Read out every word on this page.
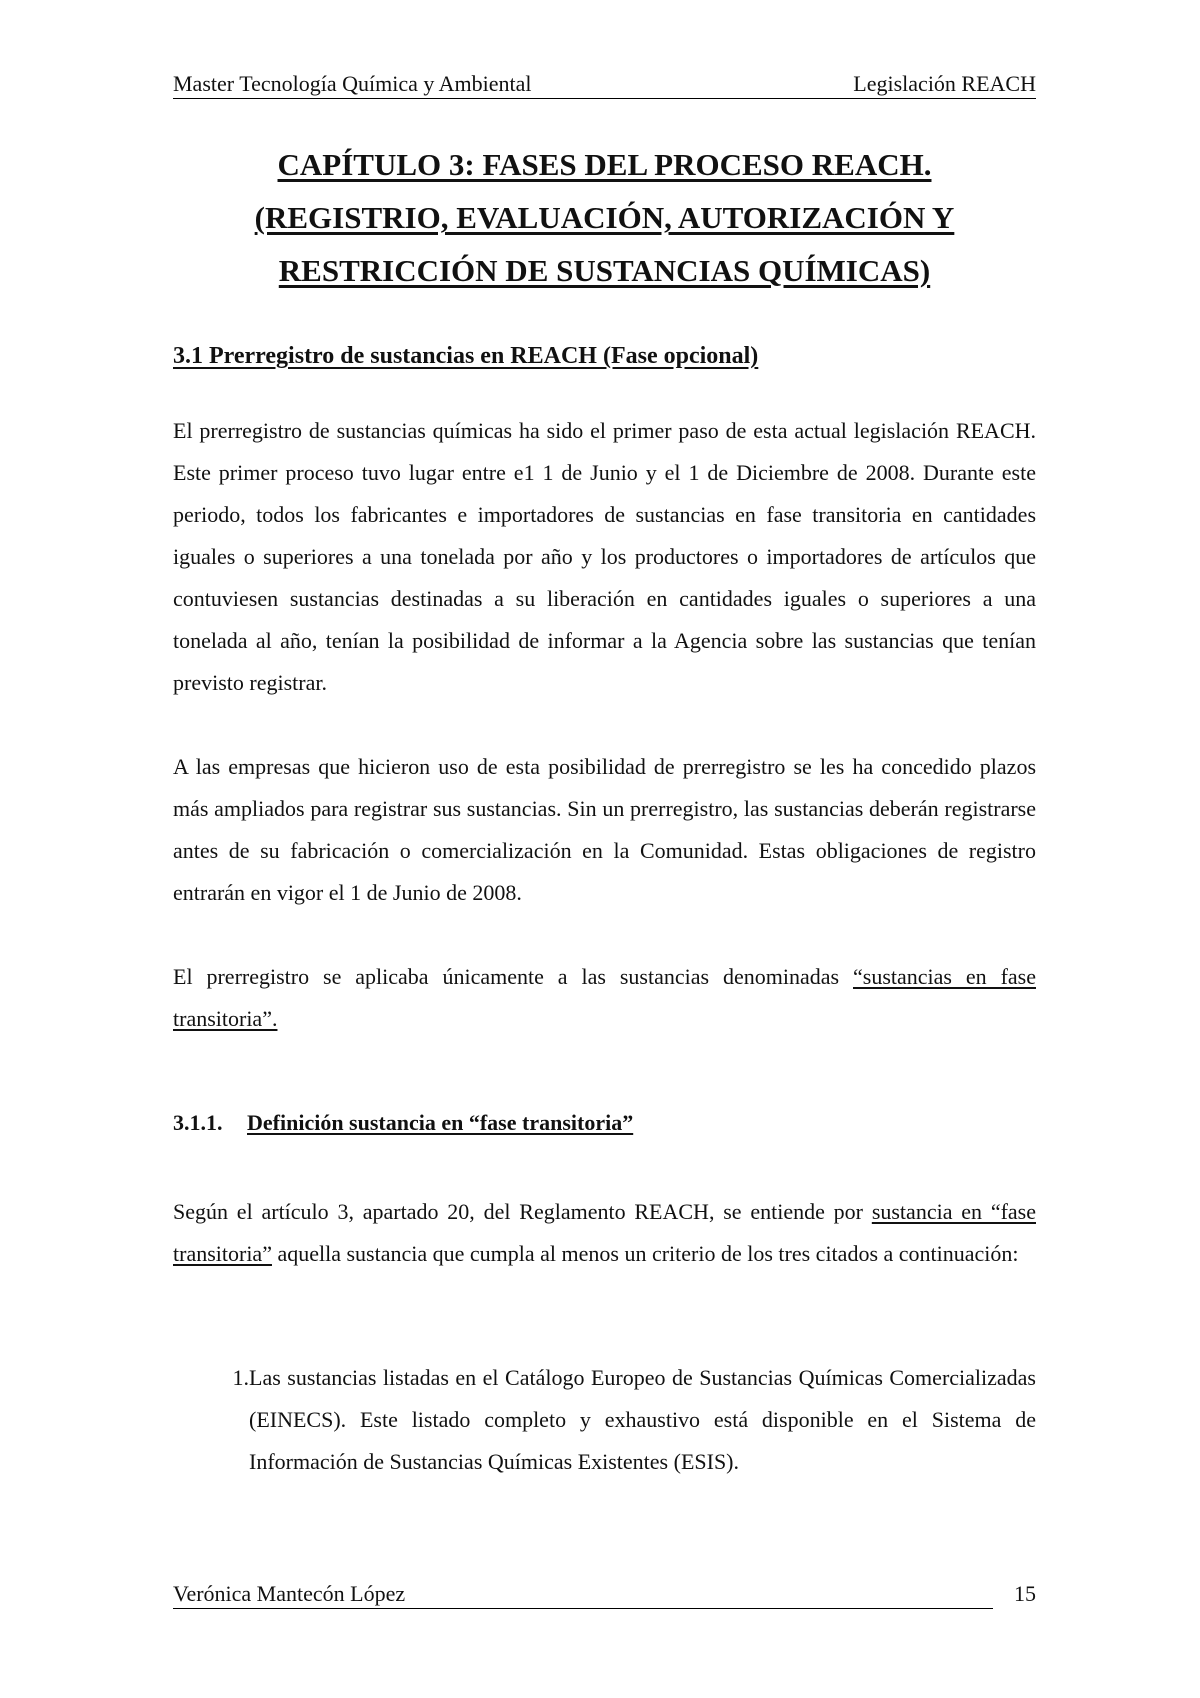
Master Tecnología Química y Ambiental	Legislación REACH
CAPÍTULO 3: FASES DEL PROCESO REACH.
(REGISTRIO, EVALUACIÓN, AUTORIZACIÓN Y
RESTRICCIÓN DE SUSTANCIAS QUÍMICAS)
3.1 Prerregistro de sustancias en REACH (Fase opcional)

El prerregistro de sustancias químicas ha sido el primer paso de esta actual legislación REACH. Este primer proceso tuvo lugar entre e1 1 de Junio y el 1 de Diciembre de 2008. Durante este periodo, todos los fabricantes e importadores de sustancias en fase transitoria en cantidades iguales o superiores a una tonelada por año y los productores o importadores de artículos que contuviesen sustancias destinadas a su liberación en cantidades iguales o superiores a una tonelada al año, tenían la posibilidad de informar a la Agencia sobre las sustancias que tenían previsto registrar.

A las empresas que hicieron uso de esta posibilidad de prerregistro se les ha concedido plazos más ampliados para registrar sus sustancias. Sin un prerregistro, las sustancias deberán registrarse antes de su fabricación o comercialización en la Comunidad. Estas obligaciones de registro entrarán en vigor el 1 de Junio de 2008.

El prerregistro se aplicaba únicamente a las sustancias denominadas “sustancias en fase transitoria”.

3.1.1.	Definición sustancia en “fase transitoria”

Según el artículo 3, apartado 20, del Reglamento REACH, se entiende por sustancia en “fase transitoria” aquella sustancia que cumpla al menos un criterio de los tres citados a continuación:

1. Las sustancias listadas en el Catálogo Europeo de Sustancias Químicas Comercializadas (EINECS). Este listado completo y exhaustivo está disponible en el Sistema de Información de Sustancias Químicas Existentes (ESIS).
Verónica Mantecón López	15
